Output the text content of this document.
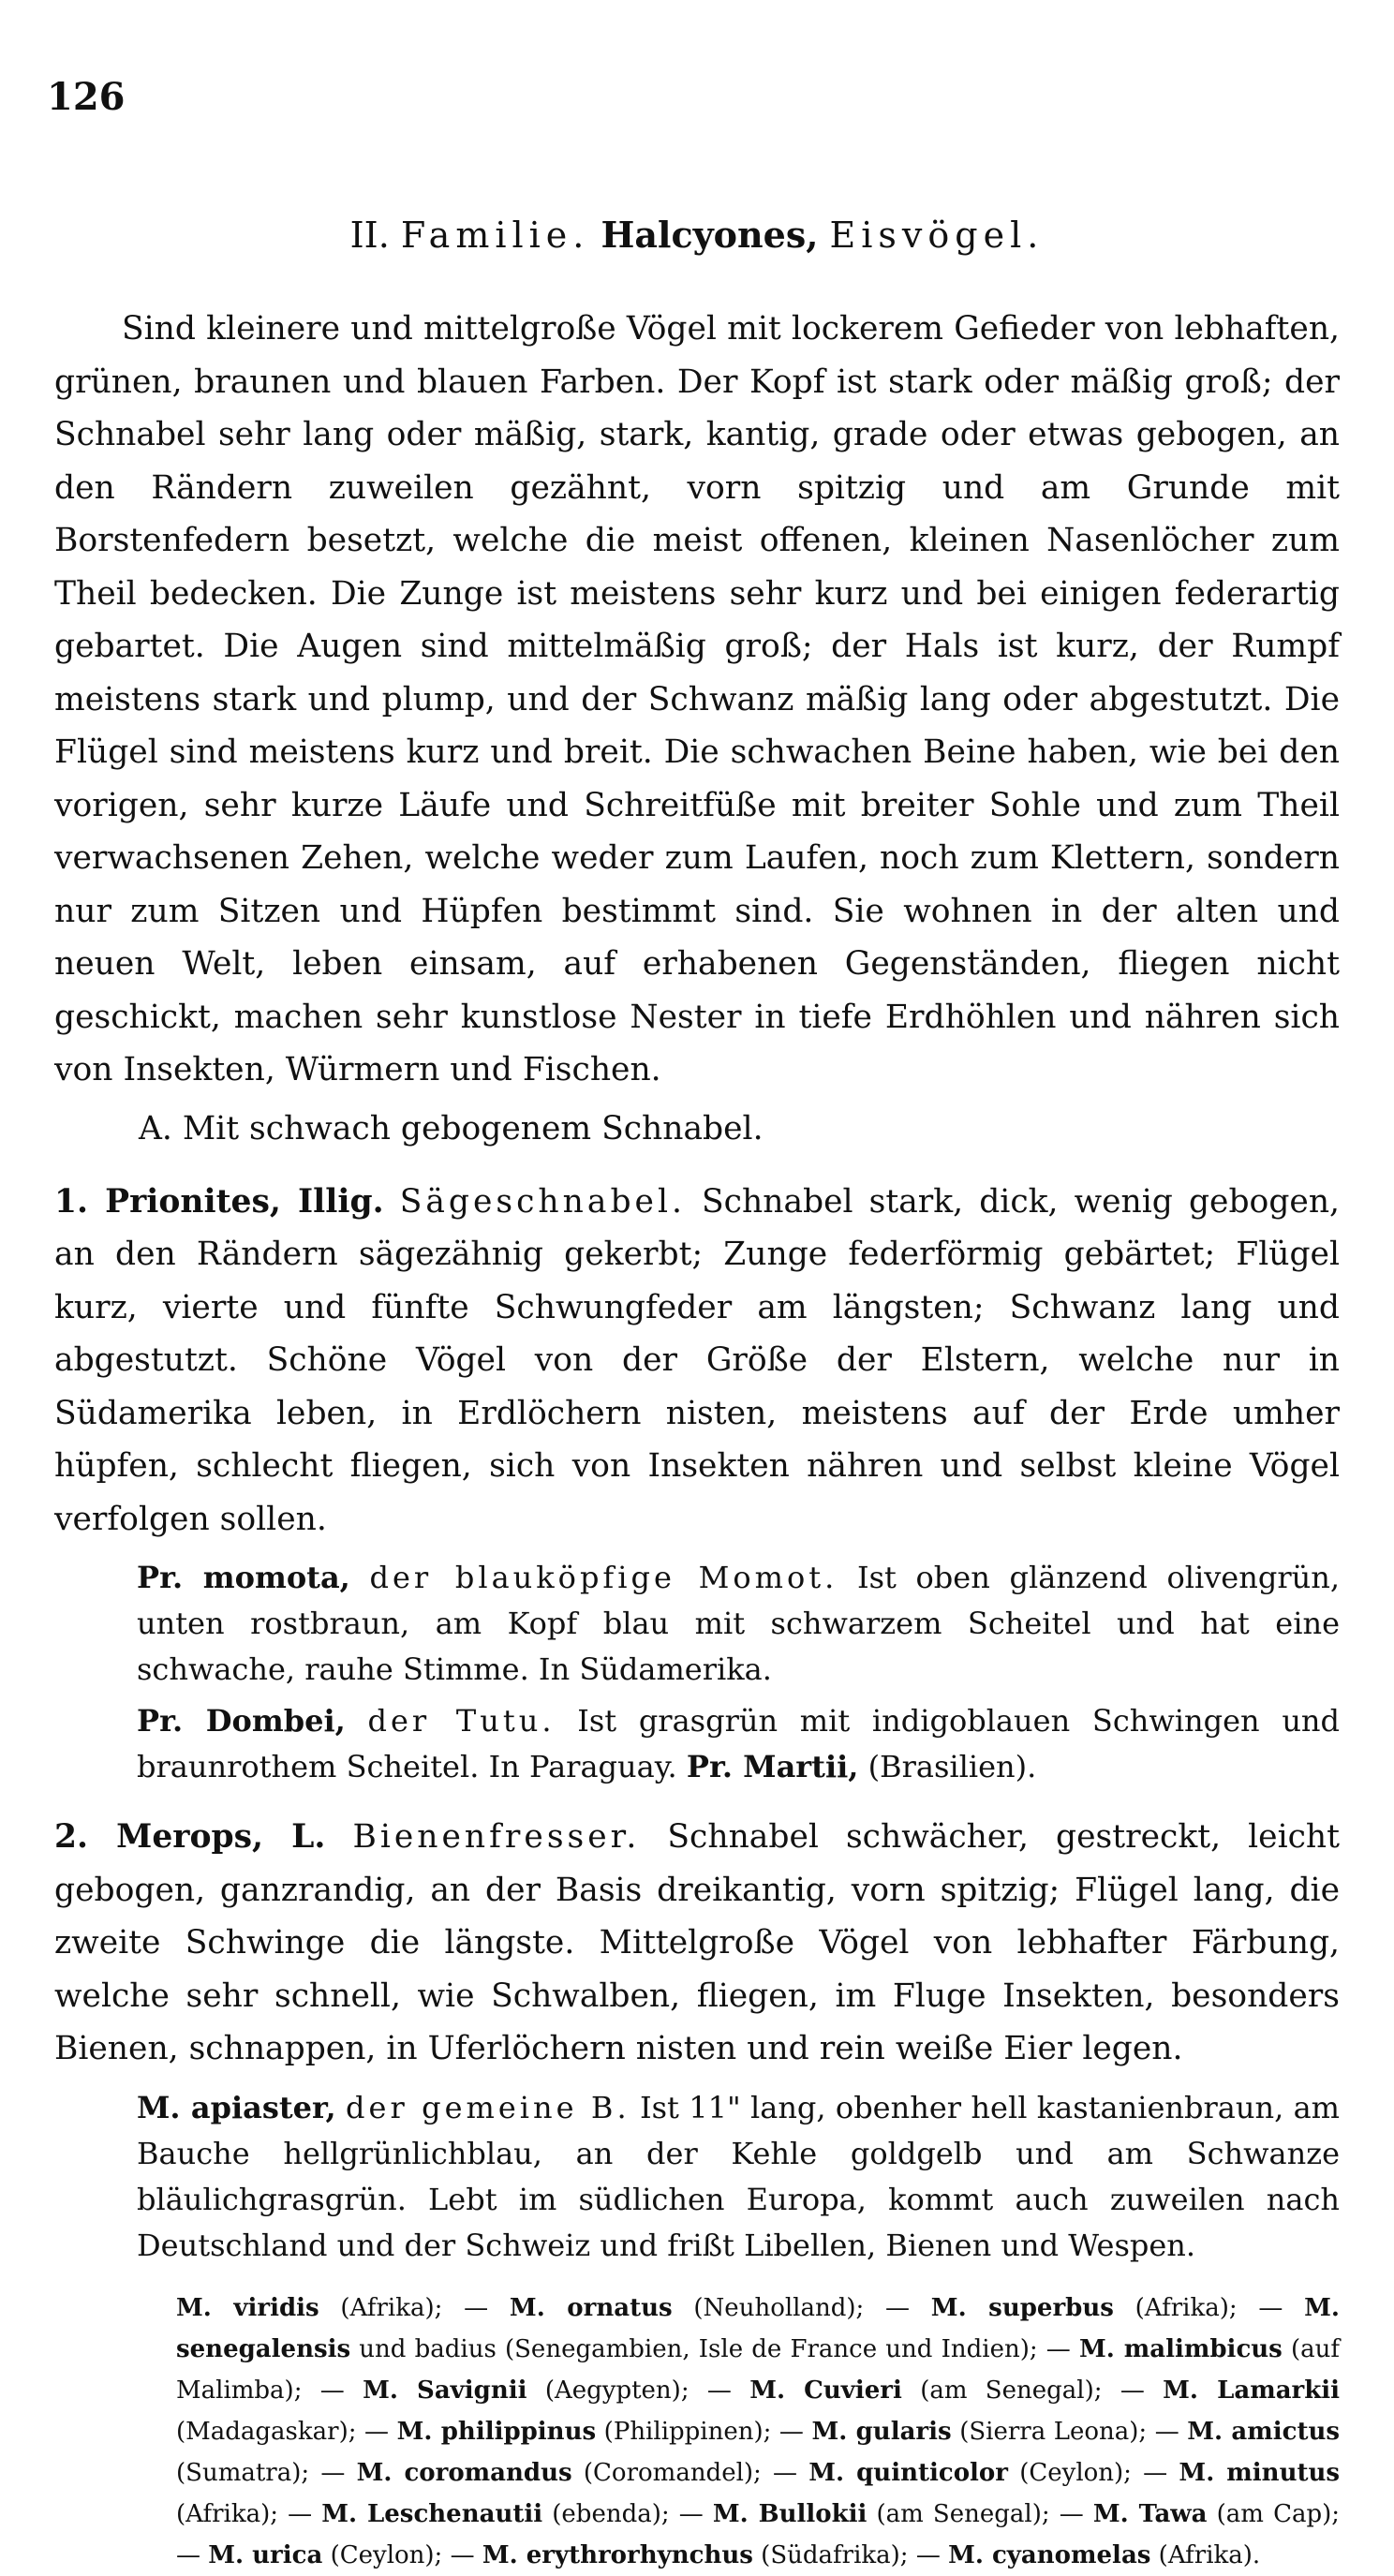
126
II. Familie. Halcyones, Eisvögel.

Sind kleinere und mittelgroße Vögel mit lockerem Gefieder von lebhaften, grünen, braunen und blauen Farben. Der Kopf ist stark oder mäßig groß; der Schnabel sehr lang oder mäßig, stark, kantig, grade oder etwas gebogen, an den Rändern zuweilen gezähnt, vorn spitzig und am Grunde mit Borstenfedern besetzt, welche die meist offenen, kleinen Nasenlöcher zum Theil bedecken. Die Zunge ist meistens sehr kurz und bei einigen federartig gebartet. Die Augen sind mittelmäßig groß; der Hals ist kurz, der Rumpf meistens stark und plump, und der Schwanz mäßig lang oder abgestutzt. Die Flügel sind meistens kurz und breit. Die schwachen Beine haben, wie bei den vorigen, sehr kurze Läufe und Schreitfüße mit breiter Sohle und zum Theil verwachsenen Zehen, welche weder zum Laufen, noch zum Klettern, sondern nur zum Sitzen und Hüpfen bestimmt sind. Sie wohnen in der alten und neuen Welt, leben einsam, auf erhabenen Gegenständen, fliegen nicht geschickt, machen sehr kunstlose Nester in tiefe Erdhöhlen und nähren sich von Insekten, Würmern und Fischen.

A. Mit schwach gebogenem Schnabel.

1. Prionites, Illig. Sägeschnabel. Schnabel stark, dick, wenig gebogen, an den Rändern sägezähnig gekerbt; Zunge federförmig gebärtet; Flügel kurz, vierte und fünfte Schwungfeder am längsten; Schwanz lang und abgestutzt. Schöne Vögel von der Größe der Elstern, welche nur in Südamerika leben, in Erdlöchern nisten, meistens auf der Erde umher hüpfen, schlecht fliegen, sich von Insekten nähren und selbst kleine Vögel verfolgen sollen.

Pr. momota, der blauköpfige Momot. Ist oben glänzend olivengrün, unten rostbraun, am Kopf blau mit schwarzem Scheitel und hat eine schwache, rauhe Stimme. In Südamerika.

Pr. Dombei, der Tutu. Ist grasgrün mit indigoblauen Schwingen und braunrothem Scheitel. In Paraguay. Pr. Martii, (Brasilien).

2. Merops, L. Bienenfresser. Schnabel schwächer, gestreckt, leicht gebogen, ganzrandig, an der Basis dreikantig, vorn spitzig; Flügel lang, die zweite Schwinge die längste. Mittelgroße Vögel von lebhafter Färbung, welche sehr schnell, wie Schwalben, fliegen, im Fluge Insekten, besonders Bienen, schnappen, in Uferlöchern nisten und rein weiße Eier legen.

M. apiaster, der gemeine B. Ist 11" lang, obenher hell kastanienbraun, am Bauche hellgrünlichblau, an der Kehle goldgelb und am Schwanze bläulichgrasgrün. Lebt im südlichen Europa, kommt auch zuweilen nach Deutschland und der Schweiz und frißt Libellen, Bienen und Wespen.

M. viridis (Afrika); — M. ornatus (Neuholland); — M. superbus (Afrika); — M. senegalensis und badius (Senegambien, Isle de France und Indien); — M. malimbicus (auf Malimba); — M. Savignii (Aegypten); — M. Cuvieri (am Senegal); — M. Lamarkii (Madagaskar); — M. philippinus (Philippinen); — M. gularis (Sierra Leona); — M. amictus (Sumatra); — M. coromandus (Coromandel); — M. quinticolor (Ceylon); — M. minutus (Afrika); — M. Leschenautii (ebenda); — M. Bullokii (am Senegal); — M. Tawa (am Cap); — M. urica (Ceylon); — M. erythrorhynchus (Südafrika); — M. cyanomelas (Afrika).
